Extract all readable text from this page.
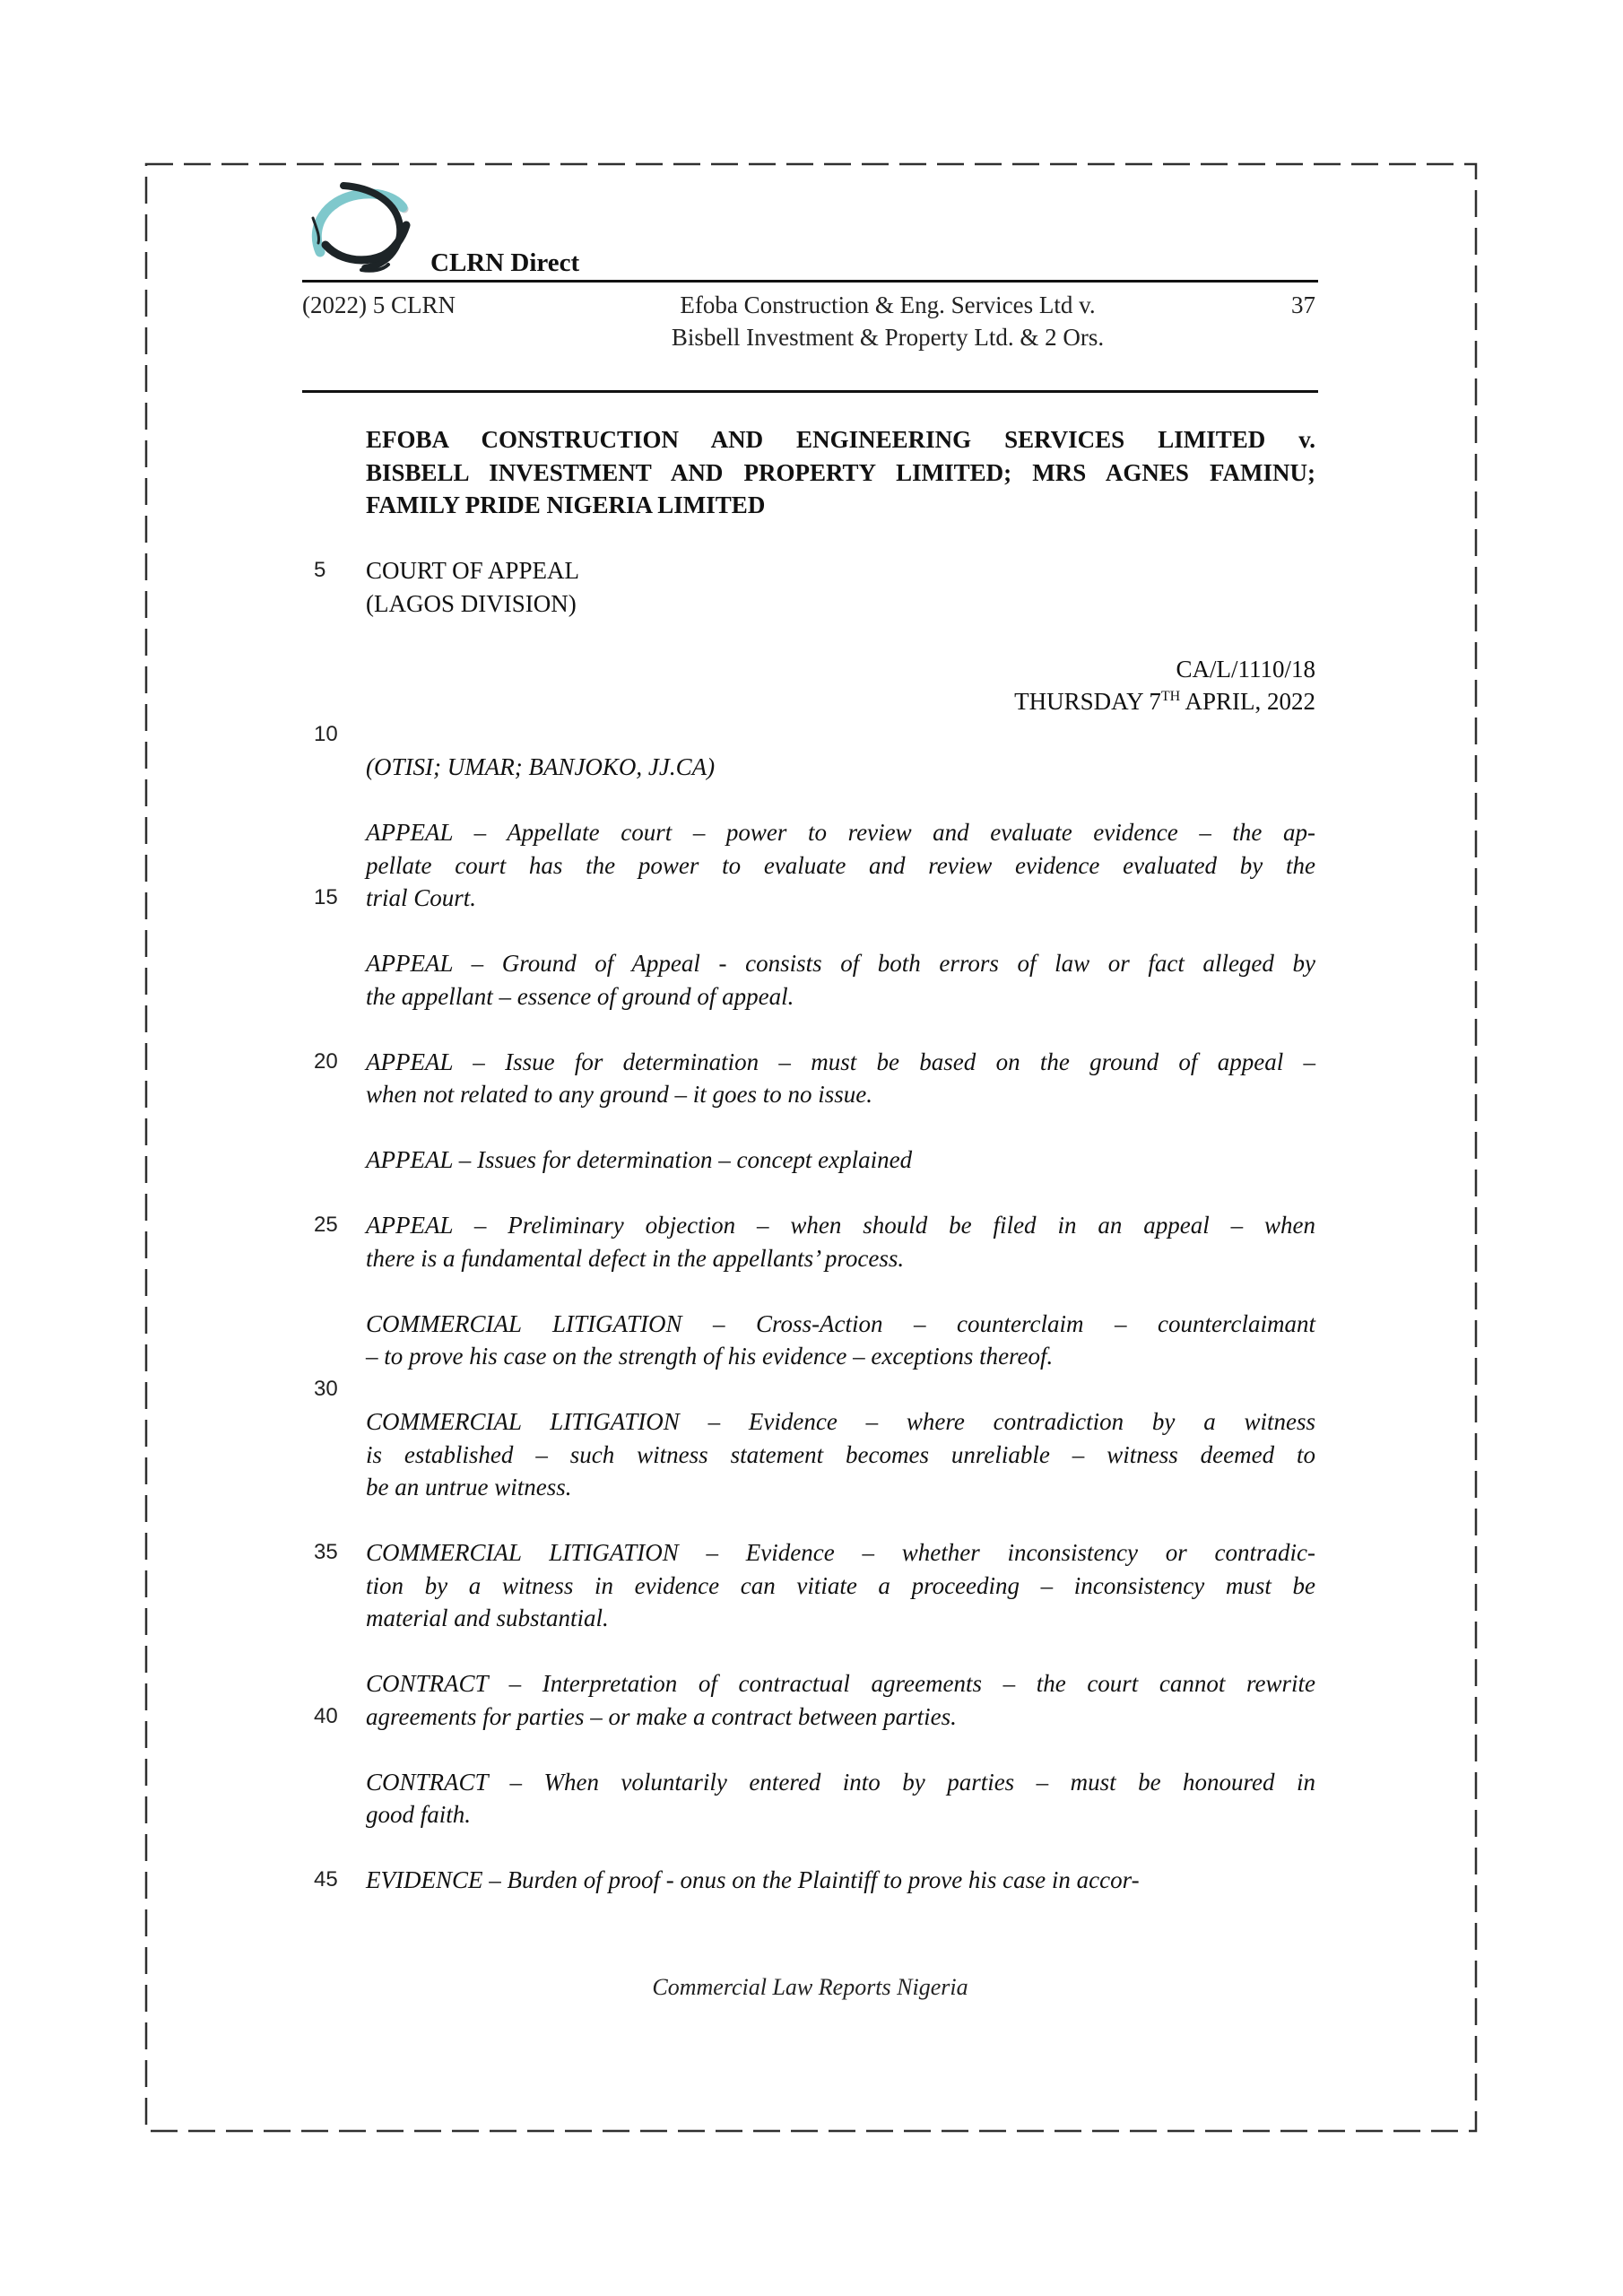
CLRN Direct
(2022) 5 CLRN	Efoba Construction & Eng. Services Ltd v.
Bisbell Investment & Property Ltd. & 2 Ors.
37
EFOBA CONSTRUCTION AND ENGINEERING SERVICES LIMITED v.
BISBELL INVESTMENT AND PROPERTY LIMITED; MRS AGNES FAMINU;
FAMILY PRIDE NIGERIA LIMITED
COURT OF APPEAL
(LAGOS DIVISION)
CA/L/1110/18
THURSDAY 7TH APRIL, 2022
(OTISI; UMAR; BANJOKO, JJ.CA)
APPEAL – Appellate court – power to review and evaluate evidence – the ap-
pellate court has the power to evaluate and review evidence evaluated by the
trial Court.
APPEAL – Ground of Appeal - consists of both errors of law or fact alleged by
the appellant – essence of ground of appeal.
APPEAL – Issue for determination – must be based on the ground of appeal –
when not related to any ground – it goes to no issue.
APPEAL – Issues for determination – concept explained
APPEAL – Preliminary objection – when should be filed in an appeal – when
there is a fundamental defect in the appellants’ process.
COMMERCIAL LITIGATION – Cross-Action – counterclaim – counterclaimant
– to prove his case on the strength of his evidence – exceptions thereof.
COMMERCIAL LITIGATION – Evidence – where contradiction by a witness
is established – such witness statement becomes unreliable – witness deemed to
be an untrue witness.
COMMERCIAL LITIGATION – Evidence – whether inconsistency or contradic-
tion by a witness in evidence can vitiate a proceeding – inconsistency must be
material and substantial.
CONTRACT – Interpretation of contractual agreements – the court cannot rewrite
agreements for parties – or make a contract between parties.
CONTRACT – When voluntarily entered into by parties – must be honoured in
good faith.
EVIDENCE – Burden of proof - onus on the Plaintiff to prove his case in accor-
5
10
15
20
25
30
35
40
45
Commercial Law Reports Nigeria
